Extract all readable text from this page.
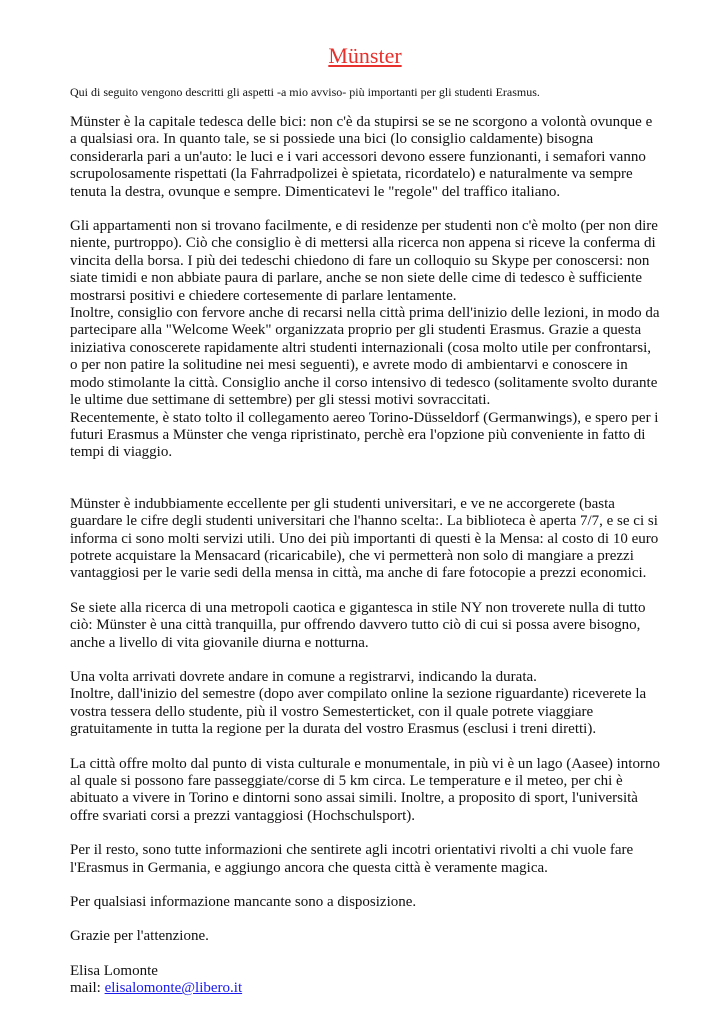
Münster

Qui di seguito vengono descritti gli aspetti -a mio avviso- più importanti per gli studenti Erasmus.

Münster è la capitale tedesca delle bici: non c'è da stupirsi se se ne scorgono a volontà ovunque e a qualsiasi ora. In quanto tale, se si possiede una bici (lo consiglio caldamente) bisogna considerarla pari a un'auto: le luci e i vari accessori devono essere funzionanti, i semafori vanno scrupolosamente rispettati (la Fahrradpolizei è spietata, ricordatelo) e naturalmente va sempre tenuta la destra, ovunque e sempre. Dimenticatevi le "regole" del traffico italiano.

Gli appartamenti non si trovano facilmente, e di residenze per studenti non c'è molto (per non dire niente, purtroppo). Ciò che consiglio è di mettersi alla ricerca non appena si riceve la conferma di vincita della borsa. I più dei tedeschi chiedono di fare un colloquio su Skype per conoscersi: non siate timidi e non abbiate paura di parlare, anche se non siete delle cime di tedesco è sufficiente mostrarsi positivi e chiedere cortesemente di parlare lentamente.

Inoltre, consiglio con fervore anche di recarsi nella città prima dell'inizio delle lezioni, in modo da partecipare alla "Welcome Week" organizzata proprio per gli studenti Erasmus. Grazie a questa iniziativa conoscerete rapidamente altri studenti internazionali (cosa molto utile per confrontarsi, o per non patire la solitudine nei mesi seguenti), e avrete modo di ambientarvi e conoscere in modo stimolante la città. Consiglio anche il corso intensivo di tedesco (solitamente svolto durante le ultime due settimane di settembre) per gli stessi motivi sovraccitati.

Recentemente, è stato tolto il collegamento aereo Torino-Düsseldorf (Germanwings), e spero per i futuri Erasmus a Münster che venga ripristinato, perchè era l'opzione più conveniente in fatto di tempi di viaggio.

Münster è indubbiamente eccellente per gli studenti universitari, e ve ne accorgerete (basta guardare le cifre degli studenti universitari che l'hanno scelta:. La biblioteca è aperta 7/7, e se ci si informa ci sono molti servizi utili. Uno dei più importanti di questi è la Mensa: al costo di 10 euro potrete acquistare la Mensacard (ricaricabile), che vi permetterà non solo di mangiare a prezzi vantaggiosi per le varie sedi della mensa in città, ma anche di fare fotocopie a prezzi economici.

Se siete alla ricerca di una metropoli caotica e gigantesca in stile NY non troverete nulla di tutto ciò: Münster è una città tranquilla, pur offrendo davvero tutto ciò di cui si possa avere bisogno, anche a livello di vita giovanile diurna e notturna.

Una volta arrivati dovrete andare in comune a registrarvi, indicando la durata.

Inoltre, dall'inizio del semestre (dopo aver compilato online la sezione riguardante) riceverete la vostra tessera dello studente, più il vostro Semesterticket, con il quale potrete viaggiare gratuitamente in tutta la regione per la durata del vostro Erasmus (esclusi i treni diretti).

La città offre molto dal punto di vista culturale e monumentale, in più vi è un lago (Aasee) intorno al quale si possono fare passeggiate/corse di 5 km circa. Le temperature e il meteo, per chi è abituato a vivere in Torino e dintorni sono assai simili. Inoltre, a proposito di sport, l'università offre svariati corsi a prezzi vantaggiosi (Hochschulsport).

Per il resto, sono tutte informazioni che sentirete agli incotri orientativi rivolti a chi vuole fare l'Erasmus in Germania, e aggiungo ancora che questa città è veramente magica.

Per qualsiasi informazione mancante sono a disposizione.

Grazie per l'attenzione.

Elisa Lomonte

mail: elisalomonte@libero.it
